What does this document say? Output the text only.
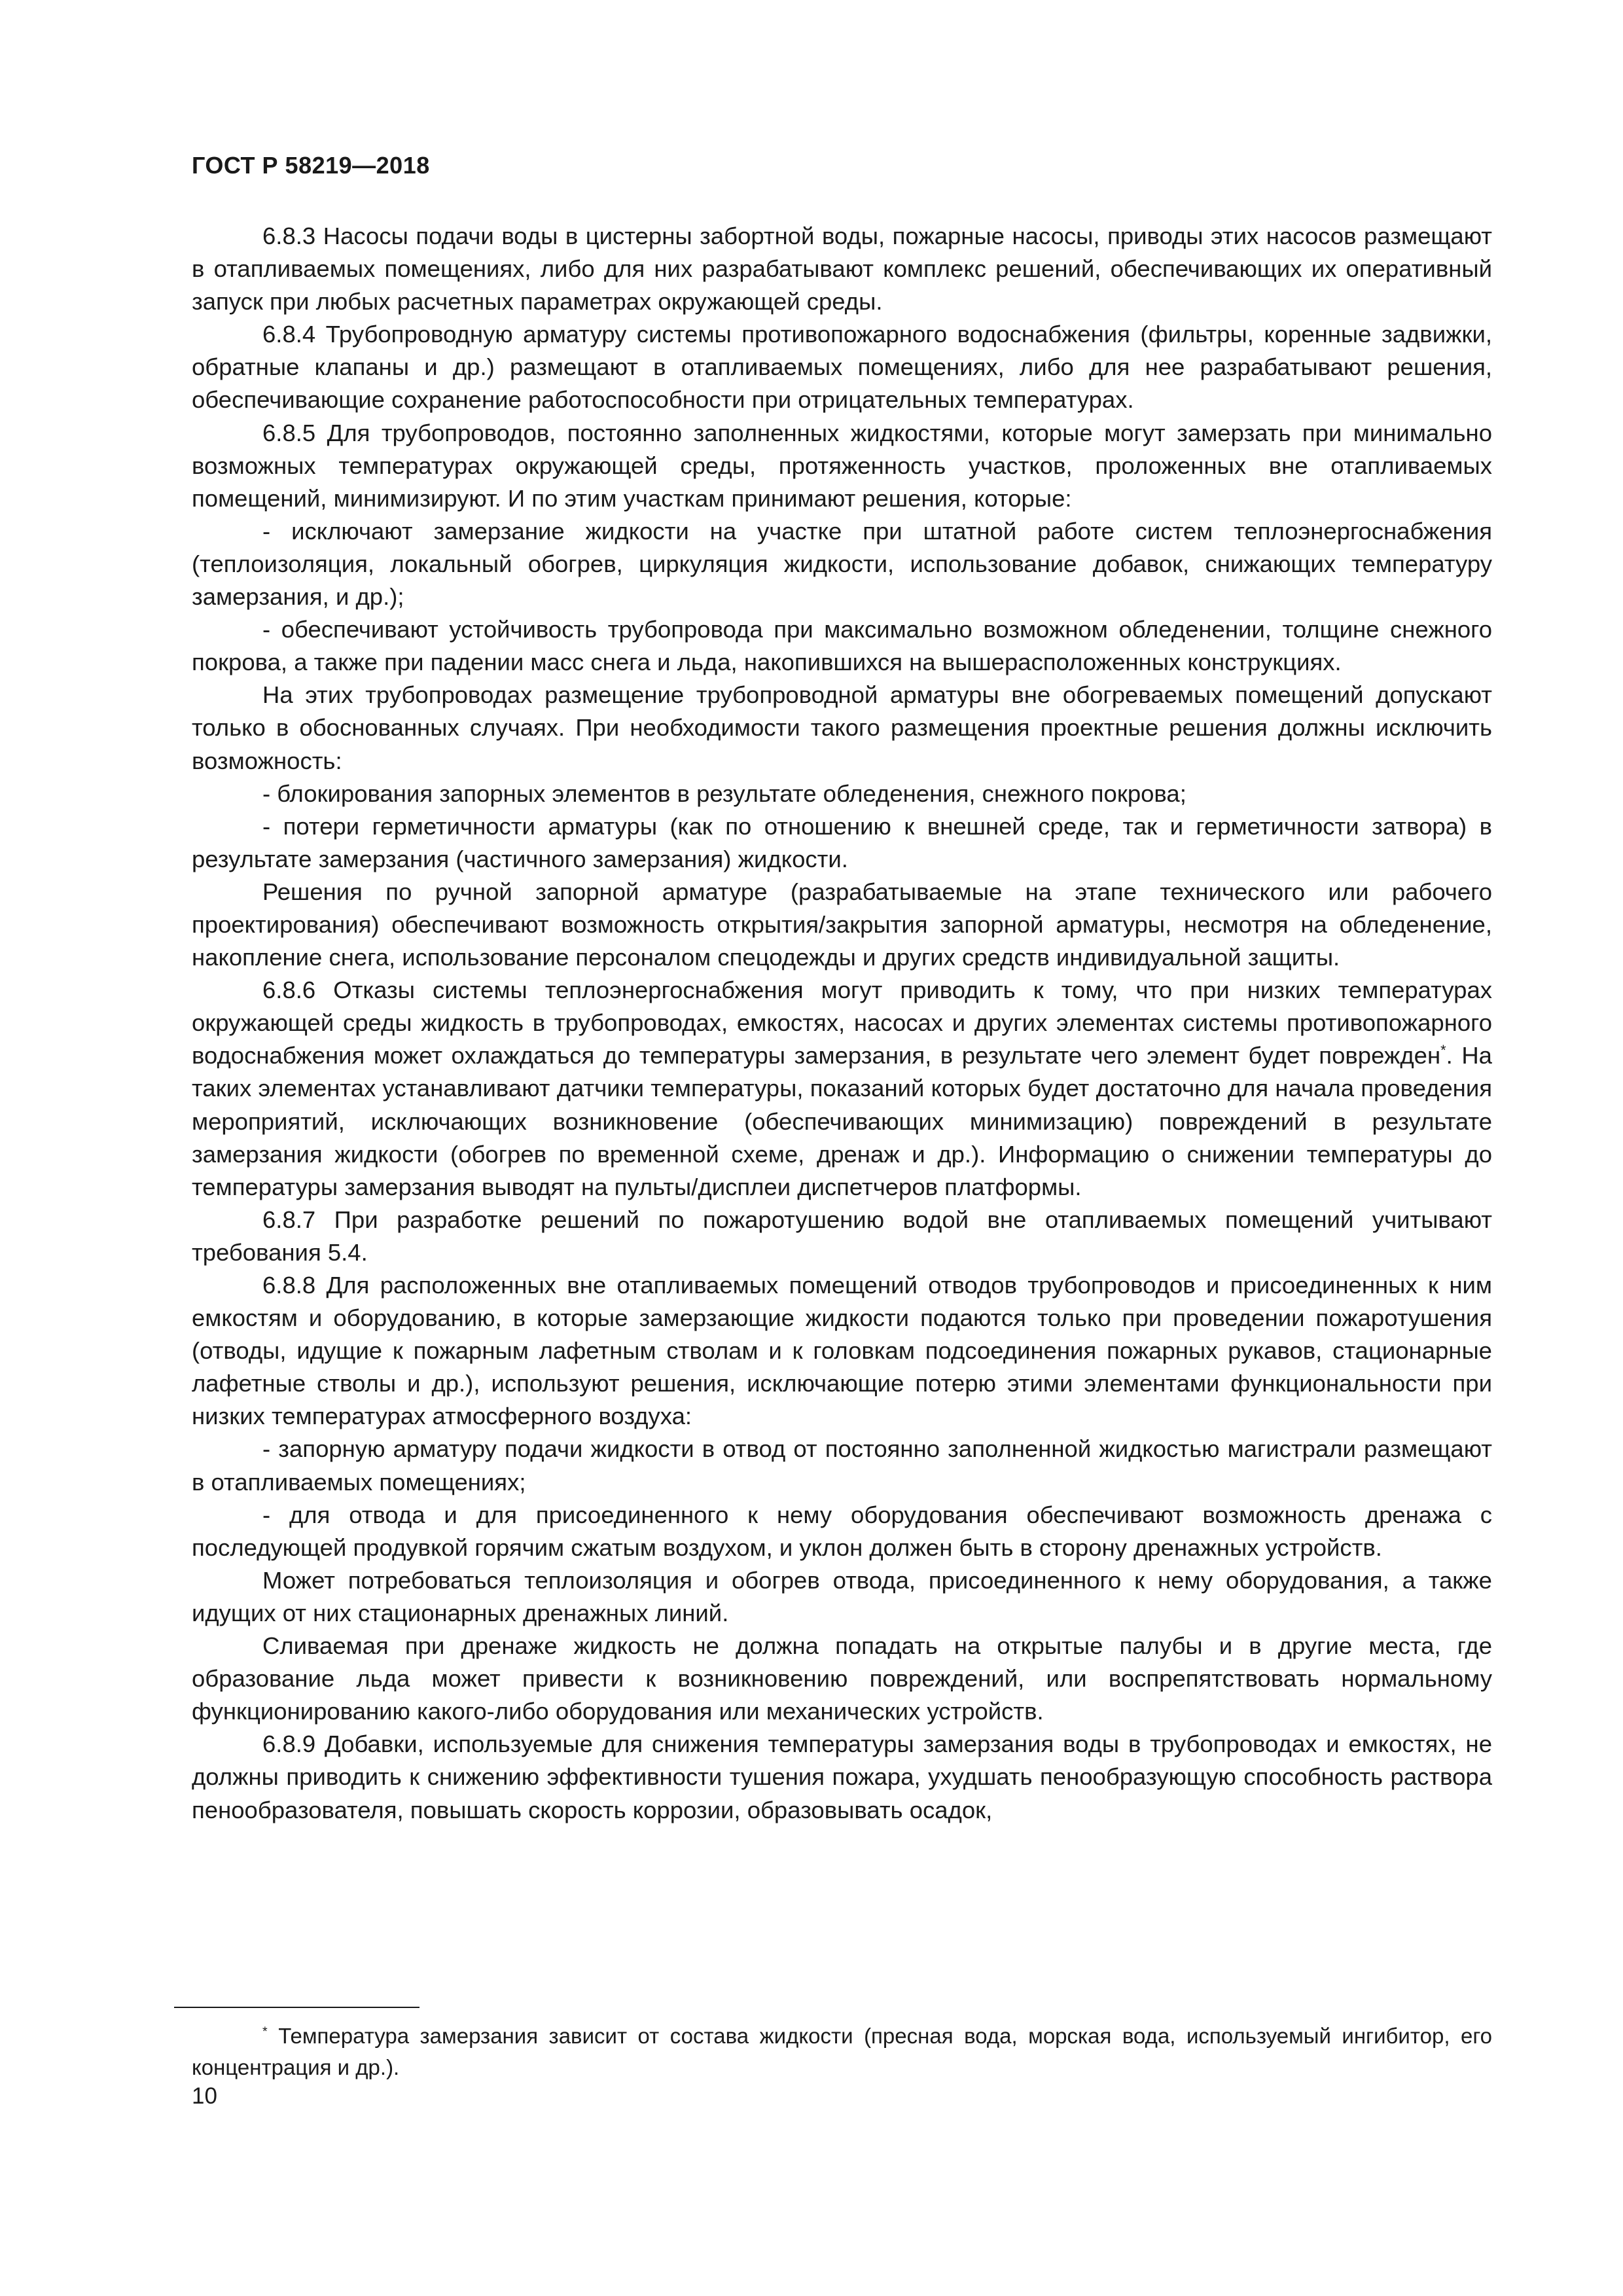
ГОСТ Р 58219—2018

6.8.3 Насосы подачи воды в цистерны забортной воды, пожарные насосы, приводы этих насосов размещают в отапливаемых помещениях, либо для них разрабатывают комплекс решений, обеспечивающих их оперативный запуск при любых расчетных параметрах окружающей среды.

6.8.4 Трубопроводную арматуру системы противопожарного водоснабжения (фильтры, коренные задвижки, обратные клапаны и др.) размещают в отапливаемых помещениях, либо для нее разрабатывают решения, обеспечивающие сохранение работоспособности при отрицательных температурах.

6.8.5 Для трубопроводов, постоянно заполненных жидкостями, которые могут замерзать при минимально возможных температурах окружающей среды, протяженность участков, проложенных вне отапливаемых помещений, минимизируют. И по этим участкам принимают решения, которые:

- исключают замерзание жидкости на участке при штатной работе систем теплоэнергоснабжения (теплоизоляция, локальный обогрев, циркуляция жидкости, использование добавок, снижающих температуру замерзания, и др.);

- обеспечивают устойчивость трубопровода при максимально возможном обледенении, толщине снежного покрова, а также при падении масс снега и льда, накопившихся на вышерасположенных конструкциях.

На этих трубопроводах размещение трубопроводной арматуры вне обогреваемых помещений допускают только в обоснованных случаях. При необходимости такого размещения проектные решения должны исключить возможность:

- блокирования запорных элементов в результате обледенения, снежного покрова;

- потери герметичности арматуры (как по отношению к внешней среде, так и герметичности затвора) в результате замерзания (частичного замерзания) жидкости.

Решения по ручной запорной арматуре (разрабатываемые на этапе технического или рабочего проектирования) обеспечивают возможность открытия/закрытия запорной арматуры, несмотря на обледенение, накопление снега, использование персоналом спецодежды и других средств индивидуальной защиты.

6.8.6 Отказы системы теплоэнергоснабжения могут приводить к тому, что при низких температурах окружающей среды жидкость в трубопроводах, емкостях, насосах и других элементах системы противопожарного водоснабжения может охлаждаться до температуры замерзания, в результате чего элемент будет поврежден*. На таких элементах устанавливают датчики температуры, показаний которых будет достаточно для начала проведения мероприятий, исключающих возникновение (обеспечивающих минимизацию) повреждений в результате замерзания жидкости (обогрев по временной схеме, дренаж и др.). Информацию о снижении температуры до температуры замерзания выводят на пульты/дисплеи диспетчеров платформы.

6.8.7 При разработке решений по пожаротушению водой вне отапливаемых помещений учитывают требования 5.4.

6.8.8 Для расположенных вне отапливаемых помещений отводов трубопроводов и присоединенных к ним емкостям и оборудованию, в которые замерзающие жидкости подаются только при проведении пожаротушения (отводы, идущие к пожарным лафетным стволам и к головкам подсоединения пожарных рукавов, стационарные лафетные стволы и др.), используют решения, исключающие потерю этими элементами функциональности при низких температурах атмосферного воздуха:

- запорную арматуру подачи жидкости в отвод от постоянно заполненной жидкостью магистрали размещают в отапливаемых помещениях;

- для отвода и для присоединенного к нему оборудования обеспечивают возможность дренажа с последующей продувкой горячим сжатым воздухом, и уклон должен быть в сторону дренажных устройств.

Может потребоваться теплоизоляция и обогрев отвода, присоединенного к нему оборудования, а также идущих от них стационарных дренажных линий.

Сливаемая при дренаже жидкость не должна попадать на открытые палубы и в другие места, где образование льда может привести к возникновению повреждений, или воспрепятствовать нормальному функционированию какого-либо оборудования или механических устройств.

6.8.9 Добавки, используемые для снижения температуры замерзания воды в трубопроводах и емкостях, не должны приводить к снижению эффективности тушения пожара, ухудшать пенообразующую способность раствора пенообразователя, повышать скорость коррозии, образовывать осадок,

* Температура замерзания зависит от состава жидкости (пресная вода, морская вода, используемый ингибитор, его концентрация и др.).

10
